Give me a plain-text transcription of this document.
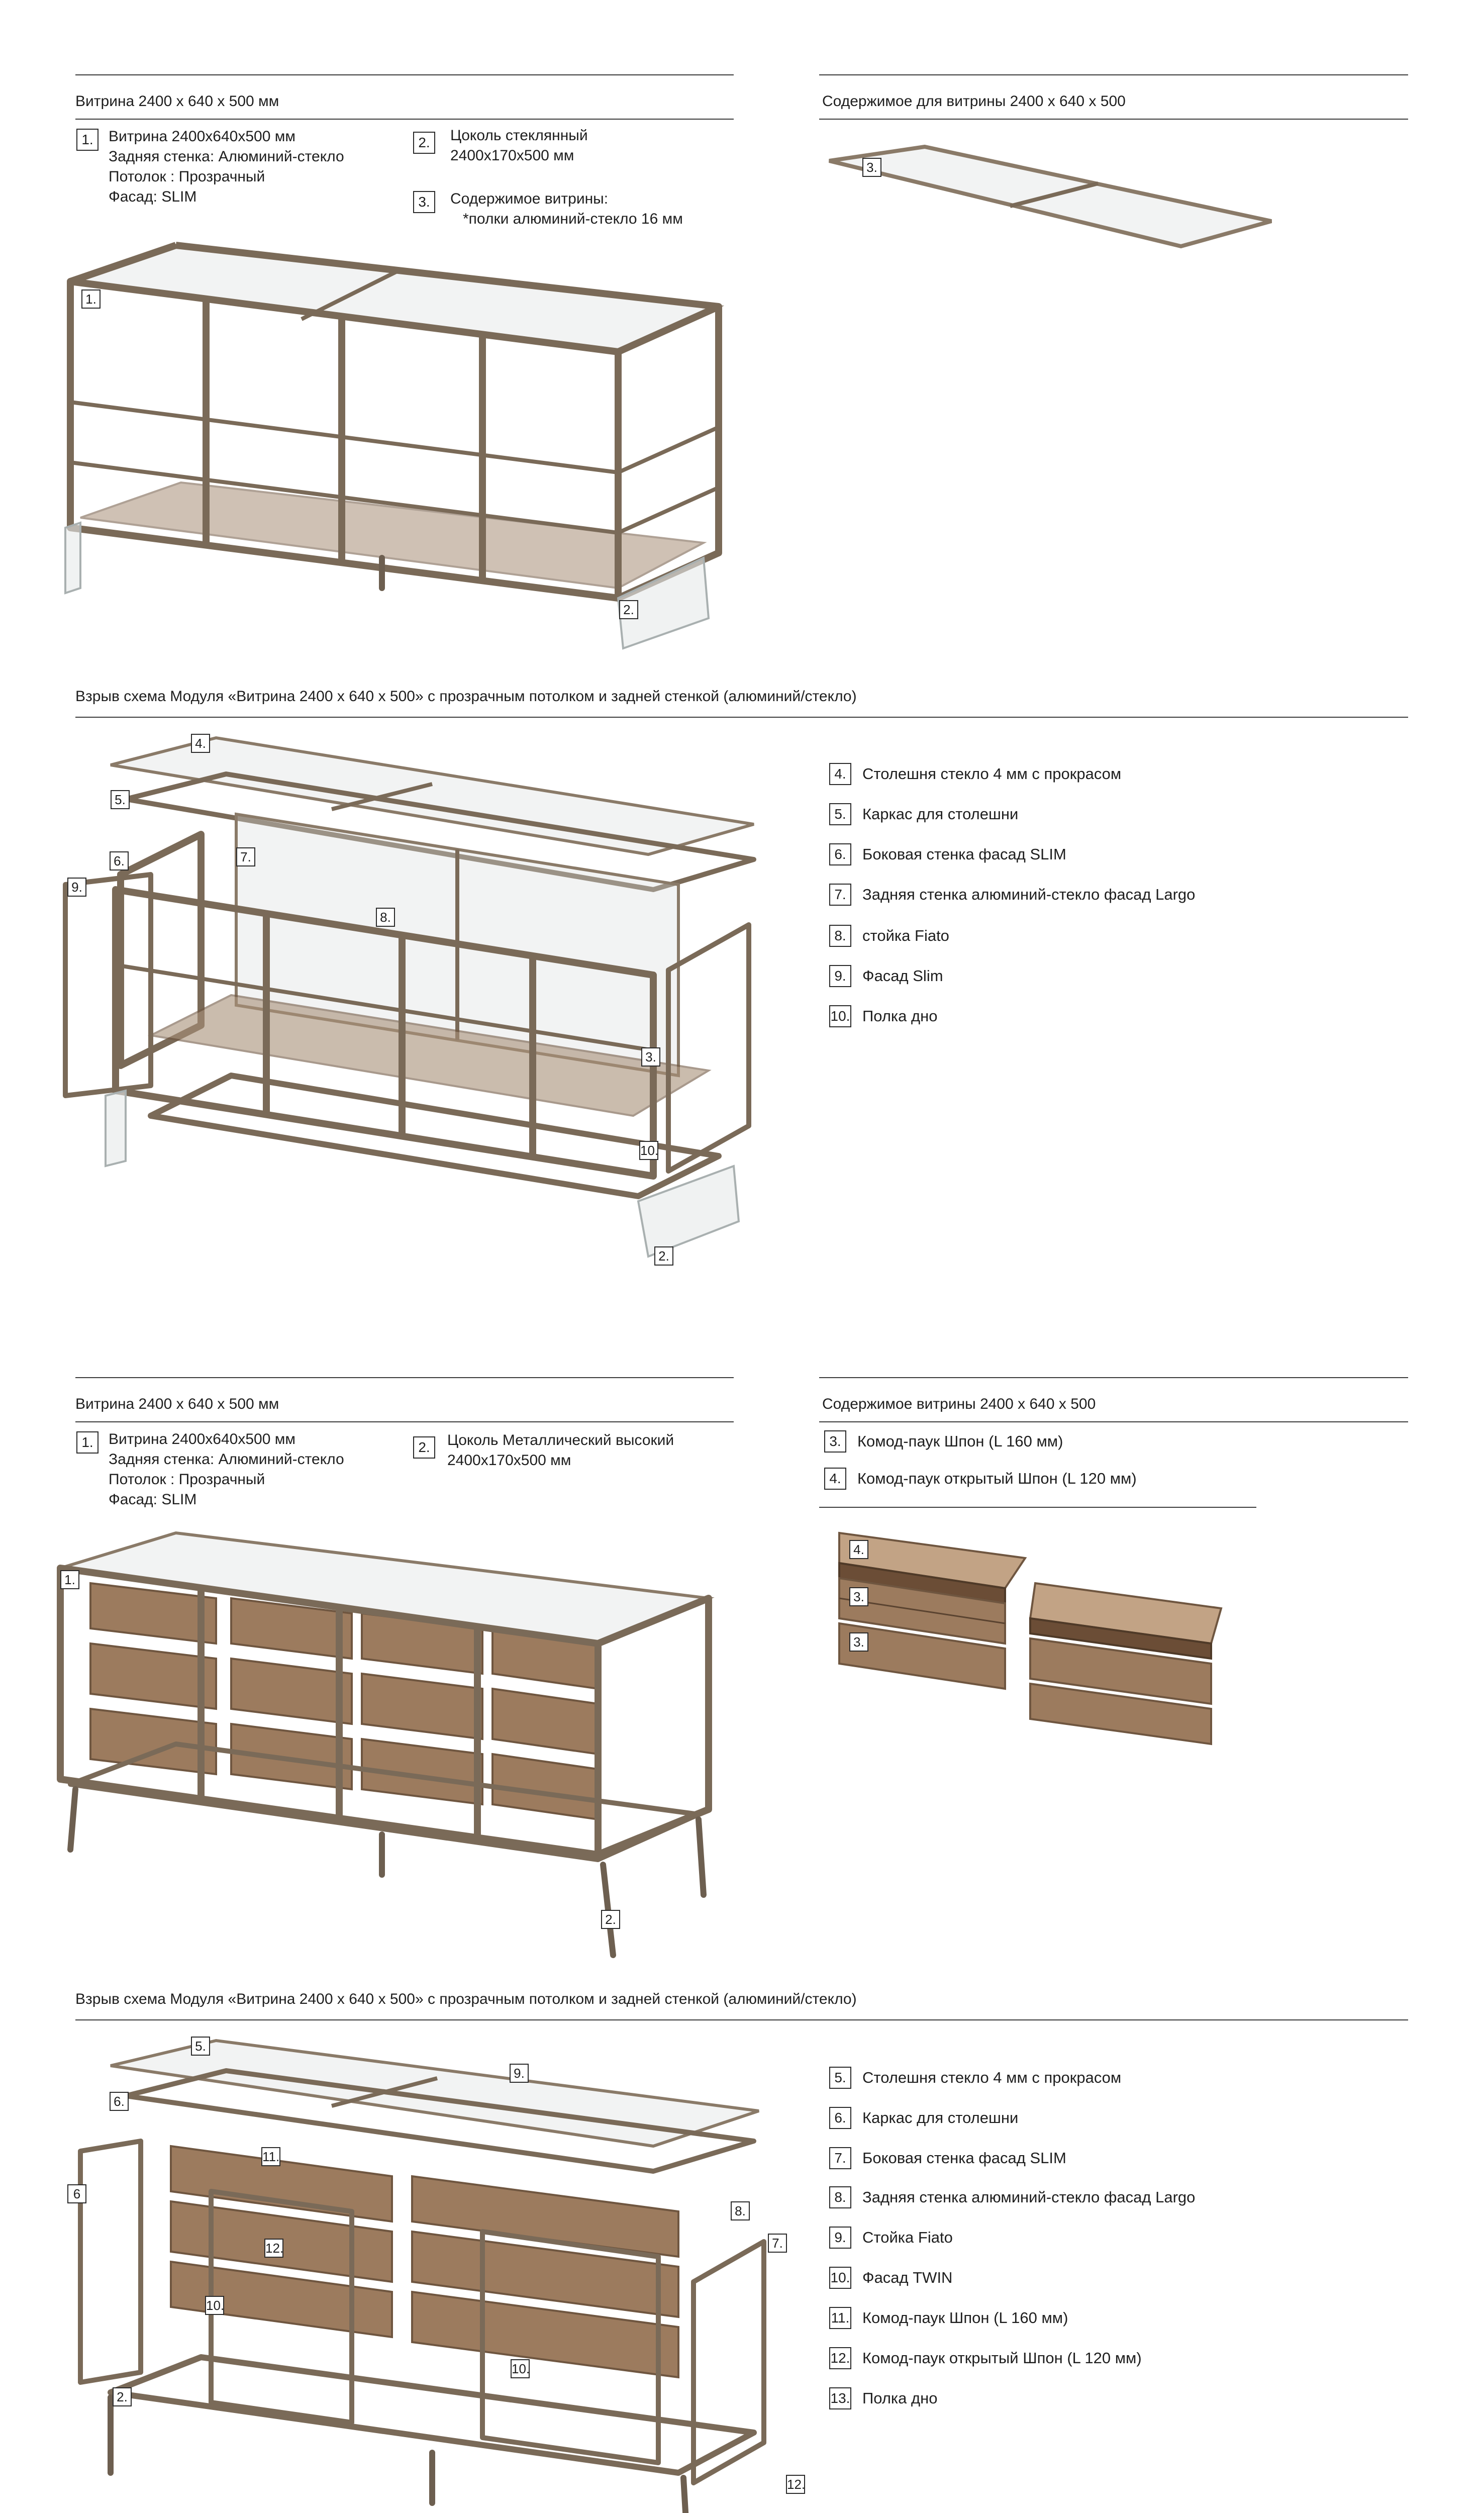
Витрина 2400 х 640 х 500 мм	Содержимое для витрины 2400 х 640 х 500
1.	Витрина 2400х640х500 мм
Задняя стенка: Алюминий-стекло
Потолок : Прозрачный
Фасад: SLIM
2.	Цоколь стеклянный
2400х170х500 мм
3.	Содержимое витрины:
*полки алюминий-стекло 16 мм
1.
2.
3.
Взрыв схема Модуля «Витрина 2400 х 640 х 500» с прозрачным потолком и задней стенкой (алюминий/стекло)
4.
5.
6.	7.
8.
9.
3.
10.
2.
4.	Столешня стекло 4 мм с прокрасом
5.	Каркас для столешни
6.	Боковая стенка фасад SLIM
7.	Задняя стенка алюминий-стекло фасад Largo
8.	стойка Fiato
9.	Фасад Slim
10. Полка дно
Витрина 2400 х 640 х 500 мм	Содержимое витрины 2400 х 640 х 500
1.	Витрина 2400х640х500 мм
Задняя стенка: Алюминий-стекло
Потолок : Прозрачный
Фасад: SLIM
2.	Цоколь Металлический высокий
2400х170х500 мм
3.	Комод-паук Шпон (L 160 мм)
4.	Комод-паук открытый Шпон (L 120 мм)
1.
2.
4.
3.
3.
Взрыв схема Модуля «Витрина 2400 х 640 х 500» с прозрачным потолком и задней стенкой (алюминий/стекло)
5.
6.
6
9.
11.
8.
7.
12.
10.
10.
2.
12.
5.	Столешня стекло 4 мм с прокрасом
6.	Каркас для столешни
7.	Боковая стенка фасад SLIM
8.	Задняя стенка алюминий-стекло фасад Largo
9.	Стойка Fiato
10. Фасад TWIN
11. Комод-паук Шпон (L 160 мм)
12. Комод-паук открытый Шпон (L 120 мм)
13. Полка дно
